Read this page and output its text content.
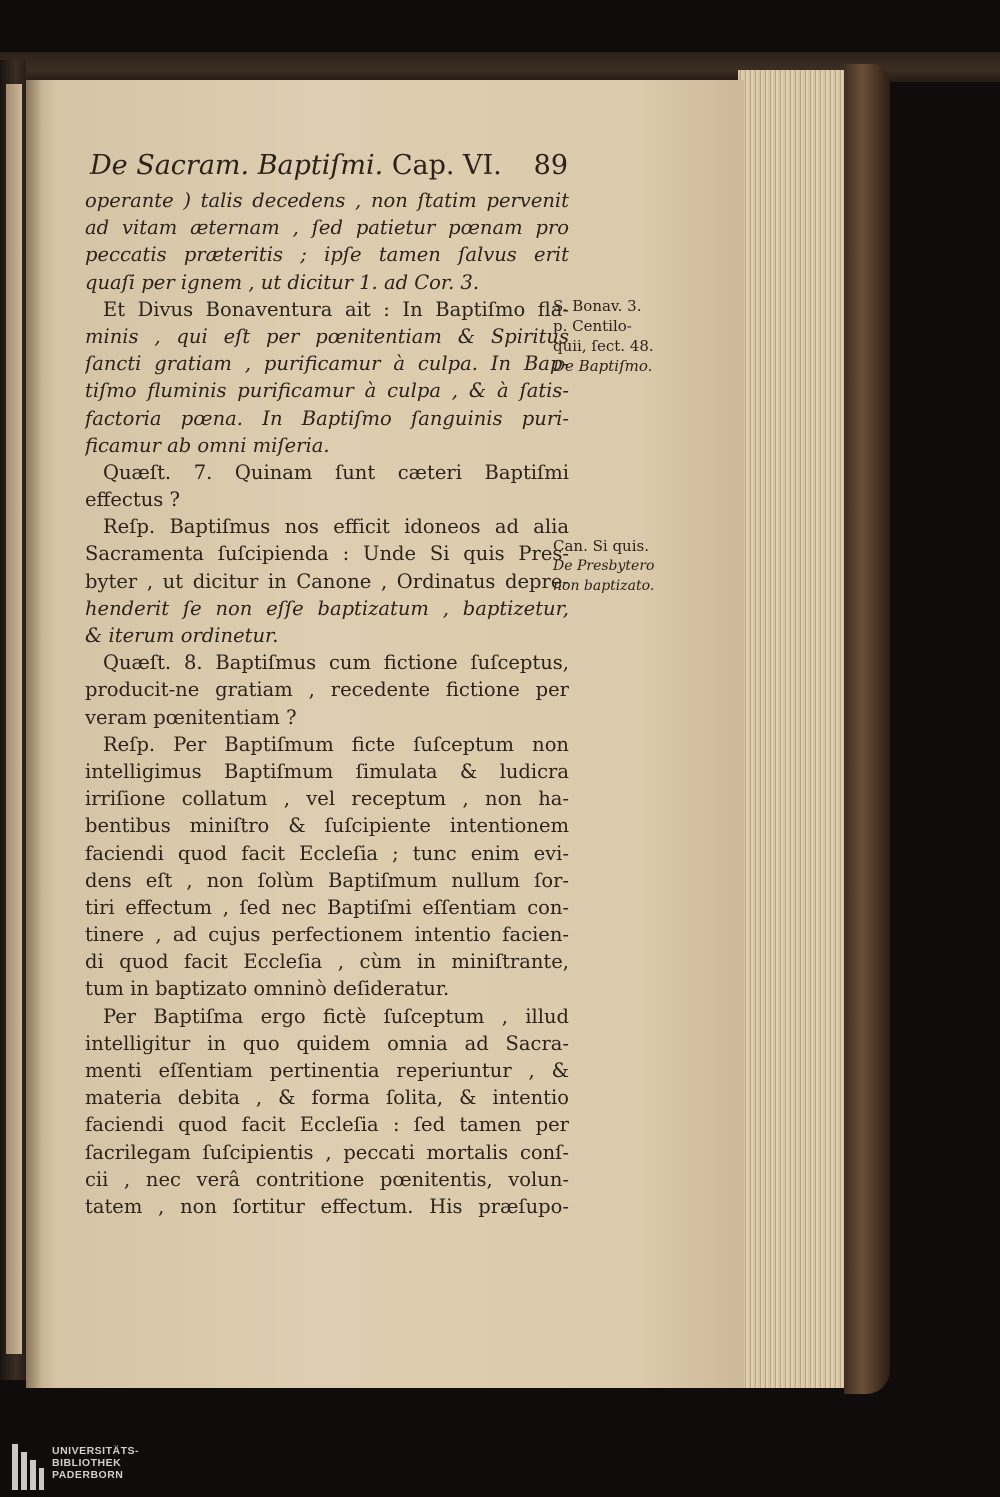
De Sacram. Baptiſmi. Cap. VI. 89
operante ) talis decedens , non ſtatim pervenit
ad vitam æternam , ſed patietur pœnam pro
peccatis præteritis ; ipſe tamen ſalvus erit
quaſi per ignem , ut dicitur 1. ad Cor. 3.
Et Divus Bonaventura ait : In Baptiſmo fla-
minis , qui eſt per pœnitentiam & Spiritus
ſancti gratiam , purificamur à culpa. In Bap-
tiſmo fluminis purificamur à culpa , & à ſatis-
factoria pœna. In Baptiſmo ſanguinis puri-
ficamur ab omni miſeria.
Quæſt. 7. Quinam ſunt cæteri Baptiſmi
effectus ?
Reſp. Baptiſmus nos efficit idoneos ad alia
Sacramenta ſuſcipienda : Unde Si quis Pres-
byter , ut dicitur in Canone , Ordinatus depre-
henderit ſe non eſſe baptizatum , baptizetur,
& iterum ordinetur.
Quæſt. 8. Baptiſmus cum fictione ſuſceptus,
producit-ne gratiam , recedente fictione per
veram pœnitentiam ?
Reſp. Per Baptiſmum ficte ſuſceptum non
intelligimus Baptiſmum ſimulata & ludicra
irriſione collatum , vel receptum , non ha-
bentibus miniſtro & ſuſcipiente intentionem
faciendi quod facit Eccleſia ; tunc enim evi-
dens eſt , non ſolùm Baptiſmum nullum ſor-
tiri effectum , ſed nec Baptiſmi eſſentiam con-
tinere , ad cujus perfectionem intentio facien-
di quod facit Eccleſia , cùm in miniſtrante,
tum in baptizato omninò deſideratur.
Per Baptiſma ergo fictè ſuſceptum , illud
intelligitur in quo quidem omnia ad Sacra-
menti eſſentiam pertinentia reperiuntur , &
materia debita , & forma ſolita, & intentio
faciendi quod facit Eccleſia : ſed tamen per
ſacrilegam ſuſcipientis , peccati mortalis conſ-
cii , nec verâ contritione pœnitentis, volun-
tatem , non ſortitur effectum. His præſupo-
S. Bonav. 3.
p. Centilo-
quii, ſect. 48.
De Baptiſmo.
Can. Si quis.
De Presbytero
non baptizato.
UNIVERSITÄTS-
BIBLIOTHEK
PADERBORN
